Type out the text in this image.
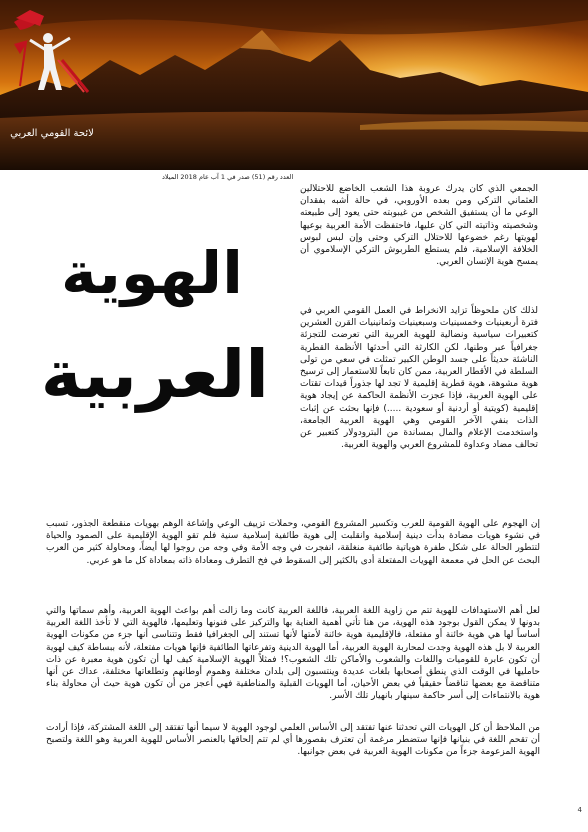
لائحة القومي العربي
العدد رقم (51) صدر في 1 آب عام 2018 الميلاد
الهوية
العربية

الجمعي الذي كان يدرك عروبة هذا الشعب الخاضع للاحتلالين العثماني التركي ومن بعده الأوروبي، في حالة أشبه بفقدان الوعي ما أن يستفيق الشخص من غيبوبته حتى يعود إلى طبيعته وشخصيته وذاتيته التي كان عليها، فاحتفظت الأمة العربية بوعيها لهويتها رغم خضوعها للاحتلال التركي وحتى وإن لبس لبوس الخلافة الإسلامية، فلم يستطع الطربوش التركي الإسلاموي أن يمسح هوية الإنسان العربي.

لذلك كان ملحوظاً تزايد الانخراط في العمل القومي العربي في فترة أربعينيات وخمسينيات وسبعينيات وثمانينيات القرن العشرين كتعبيرات سياسية ونضالية للهوية العربية التي تعرضت للتجزئة جغرافياً عبر وطنها، لكن الكارثة التي أحدثها الأنظمة القطرية الناشئة حديثاً على جسد الوطن الكبير تمثلت في سعي من تولى السلطة في الأقطار العربية، ممن كان تابعاً للاستعمار إلى ترسيخ هوية مشوهة، هوية قطرية إقليمية لا تجد لها جذوراً قيدات تقتات على الهوية العربية، فإذا عجزت الأنظمة الحاكمة عن إيجاد هوية إقليمية (كويتية أو أردنية أو سعودية .....) فإنها بحثت عن إثبات الذات بنفي الآخر القومي وهي الهوية العربية الجامعة، واستخدمت الإعلام والمال بمساندة من البترودولار كتعبير عن تحالف مضاد وعداوة للمشروع العربي والهوية العربية.

إن الهجوم على الهوية القومية للعرب وتكسير المشروع القومي، وحملات تزييف الوعي وإشاعة الوهم بهويات منقطعة الجذور، تسبب في نشوء هويات مضادة بدأت دينية إسلامية وانقلبت إلى هوية طائفية إسلامية سنية فلم تقو الهوية الإقليمية على الصمود والحياة لتتطور الحالة على شكل طفرة هوياتية طائفية منغلقة، انفجرت في وجه الأمة وفي وجه من روجوا لها أيضاً، ومحاولة كثير من العرب البحث عن الحل في معمعة الهويات المفتعلة أدى بالكثير إلى السقوط في فخ التطرف ومعاداة ذاته بمعاداة كل ما هو عربي.

لعل أهم الاستهدافات للهوية تتم من زاوية اللغة العربية، فاللغة العربية كانت وما زالت أهم بواعث الهوية العربية، وأهم سماتها والتي بدونها لا يمكن القول بوجود هذه الهوية، من هنا تأتي أهمية العناية بها والتركيز على فنونها وتعليمها، فالهوية التي لا تأخذ اللغة العربية أساساً لها هي هوية خائنة أو مفتعلة، فالإقليمية هوية خائنة لأمتها لأنها تستند إلى الجغرافيا فقط وتتناسى أنها جزء من مكونات الهوية العربية لا بل هذه الهوية وجدت لمحاربة الهوية العربية، أما الهوية الدينية وتفرعاتها الطائفية فإنها هويات مفتعلة، لأنه ببساطة كيف لهوية أن تكون عابرة للقوميات واللغات والشعوب والأماكن تلك الشعوب؟! فمثلاً الهوية الإسلامية كيف لها أن تكون هوية معبرة عن ذات حامليها في الوقت الذي ينطق أصحابها بلغات عديدة وينتسبون إلى بلدان مختلفة وهموم أوطانهم وتطلعاتها مختلفة، عداك عن أنها متناقضة مع بعضها تناقضاً حقيقياً في بعض الأحيان، أما الهويات القبلية والمناطقية فهي أعجز من أن تكون هوية حيث أن محاولة بناء هوية بالانتماءات إلى أسر حاكمة سينهار بانهيار تلك الأسر.

من الملاحظ أن كل الهويات التي تحدثنا عنها تفتقد إلى الأساس العلمي لوجود الهوية لا سيما أنها تفتقد إلى اللغة المشتركة، فإذا أرادت أن تقحم اللغة في بنيانها فإنها ستضطر مرغمة أن تعترف بقصورها أي لم تتم إلحاقها بالعنصر الأساس للهوية العربية وهو اللغة ولتصبح الهوية المزعومة جزءاً من مكونات الهوية العربية في بعض جوانبها.

4
